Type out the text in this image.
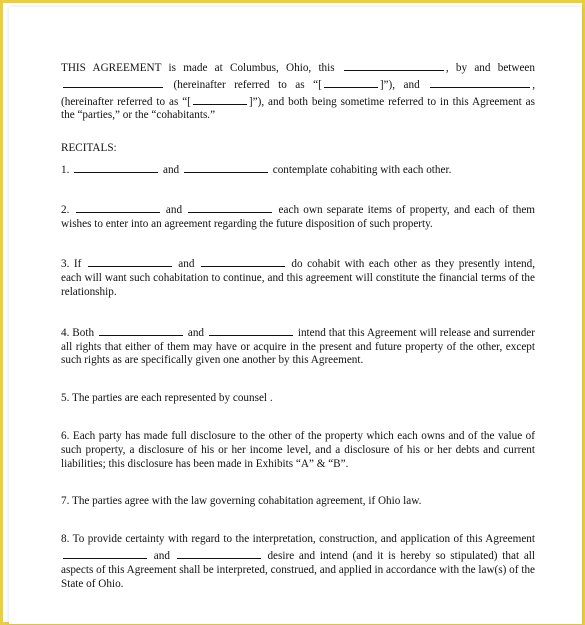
THIS AGREEMENT is made at Columbus, Ohio, this	, by and between  (hereinafter referred to as “[	]”), and	, (hereinafter referred to as “[	]”), and both being sometime referred to in this Agreement as the “parties,” or the “cohabitants.”

RECITALS:

1.	and	contemplate cohabiting with each other.

2.	and	each own separate items of property, and each of them wishes to enter into an agreement regarding the future disposition of such property.

3. If	and	do cohabit with each other as they presently intend, each will want such cohabitation to continue, and this agreement will constitute the financial terms of the relationship.

4. Both	and	intend that this Agreement will release and surrender all rights that either of them may have or acquire in the present and future property of the other, except such rights as are specifically given one another by this Agreement.

5. The parties are each represented by counsel .

6. Each party has made full disclosure to the other of the property which each owns and of the value of such property, a disclosure of his or her income level, and a disclosure of his or her debts and current liabilities; this disclosure has been made in Exhibits “A” & “B”.

7. The parties agree with the law governing cohabitation agreement, if Ohio law.

8. To provide certainty with regard to the interpretation, construction, and application of this Agreement  and	desire and intend (and it is hereby so stipulated) that all aspects of this Agreement shall be interpreted, construed, and applied in accordance with the law(s) of the State of Ohio.
